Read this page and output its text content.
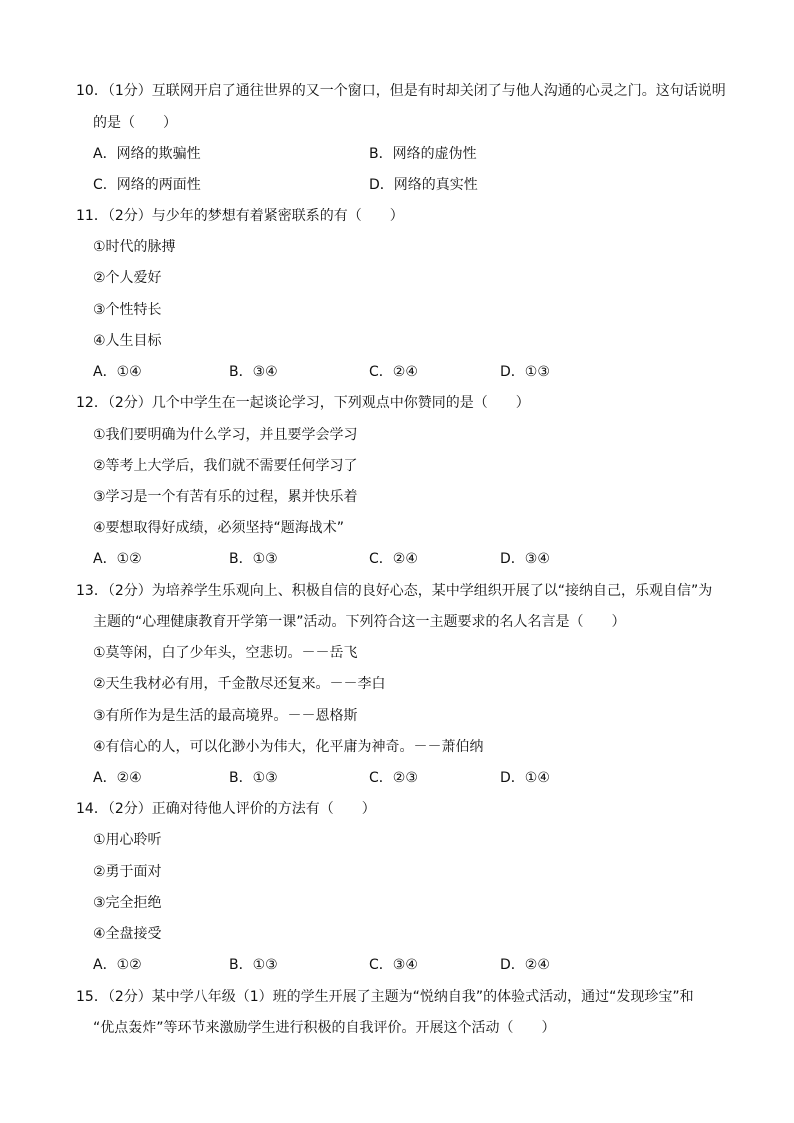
10．（1分）互联网开启了通往世界的又一个窗口，但是有时却关闭了与他人沟通的心灵之门。这句话说明
的是（　　）
A．网络的欺骗性	B．网络的虚伪性
C．网络的两面性	D．网络的真实性
11．（2分）与少年的梦想有着紧密联系的有（　　）
①时代的脉搏
②个人爱好
③个性特长
④人生目标
A．①④	B．③④	C．②④	D．①③
12．（2分）几个中学生在一起谈论学习，下列观点中你赞同的是（　　）
①我们要明确为什么学习，并且要学会学习
②等考上大学后，我们就不需要任何学习了
③学习是一个有苦有乐的过程，累并快乐着
④要想取得好成绩，必须坚持“题海战术”
A．①②	B．①③	C．②④	D．③④
13．（2分）为培养学生乐观向上、积极自信的良好心态，某中学组织开展了以“接纳自己，乐观自信”为
主题的“心理健康教育开学第一课”活动。下列符合这一主题要求的名人名言是（　　）
①莫等闲，白了少年头，空悲切。－－岳飞
②天生我材必有用，千金散尽还复来。－－李白
③有所作为是生活的最高境界。－－恩格斯
④有信心的人，可以化渺小为伟大，化平庸为神奇。－－萧伯纳
A．②④	B．①③	C．②③	D．①④
14．（2分）正确对待他人评价的方法有（　　）
①用心聆听
②勇于面对
③完全拒绝
④全盘接受
A．①②	B．①③	C．③④	D．②④
15．（2分）某中学八年级（1）班的学生开展了主题为“悦纳自我”的体验式活动，通过“发现珍宝”和
“优点轰炸”等环节来激励学生进行积极的自我评价。开展这个活动（　　）
